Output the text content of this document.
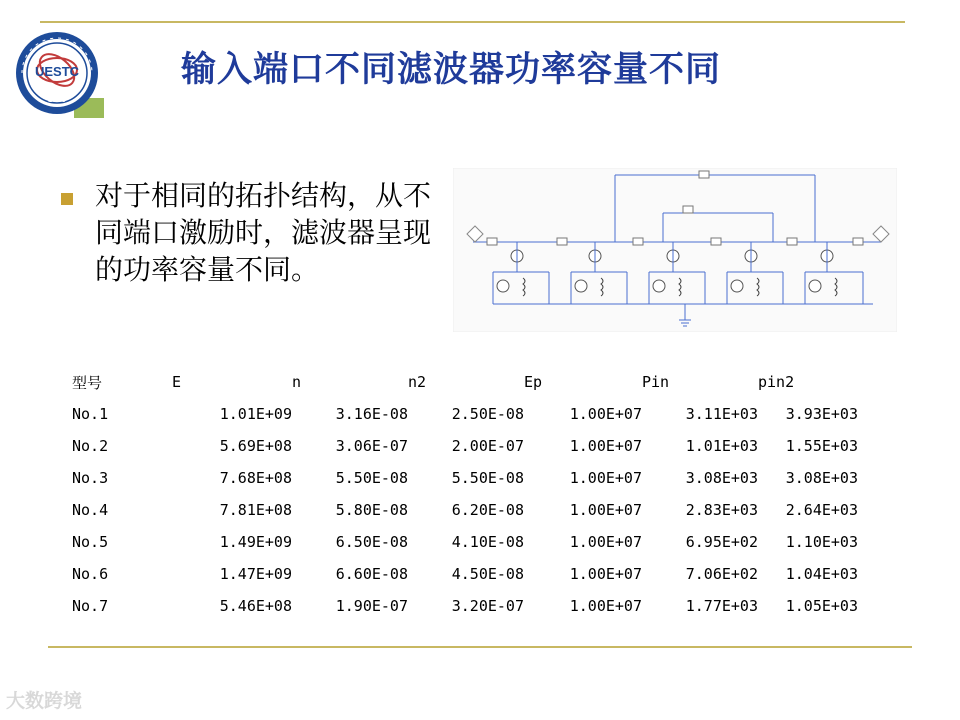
UESTC
1956
输入端口不同滤波器功率容量不同
对于相同的拓扑结构，从不同端口激励时，滤波器呈现的功率容量不同。
型号	E	n	n2	Ep	Pin	pin2
No.1	1.01E+09	3.16E-08	2.50E-08	1.00E+07	3.11E+03	3.93E+03
No.2	5.69E+08	3.06E-07	2.00E-07	1.00E+07	1.01E+03	1.55E+03
No.3	7.68E+08	5.50E-08	5.50E-08	1.00E+07	3.08E+03	3.08E+03
No.4	7.81E+08	5.80E-08	6.20E-08	1.00E+07	2.83E+03	2.64E+03
No.5	1.49E+09	6.50E-08	4.10E-08	1.00E+07	6.95E+02	1.10E+03
No.6	1.47E+09	6.60E-08	4.50E-08	1.00E+07	7.06E+02	1.04E+03
No.7	5.46E+08	1.90E-07	3.20E-07	1.00E+07	1.77E+03	1.05E+03
大数跨境
